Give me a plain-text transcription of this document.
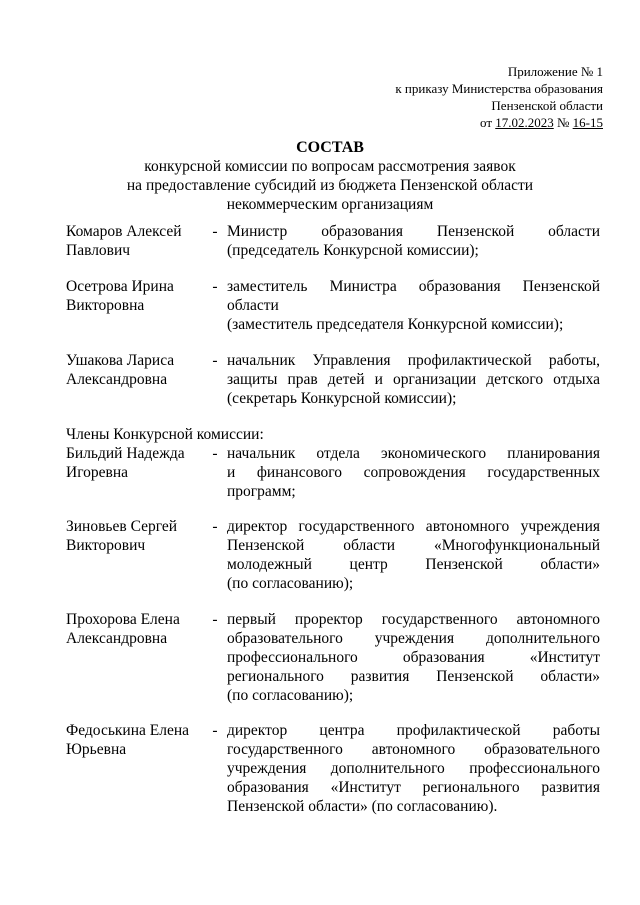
Приложение № 1
к приказу Министерства образования
Пензенской области
от 17.02.2023 № 16-15
СОСТАВ
конкурсной комиссии по вопросам рассмотрения заявок
на предоставление субсидий из бюджета Пензенской области
некоммерческим организациям
Комаров Алексей
Павлович
- Министр образования Пензенской области
(председатель Конкурсной комиссии);
Осетрова Ирина
Викторовна
- заместитель Министра образования Пензенской области
(заместитель председателя Конкурсной комиссии);
Ушакова Лариса
Александровна
- начальник Управления профилактической работы,
защиты прав детей и организации детского отдыха
(секретарь Конкурсной комиссии);
Члены Конкурсной комиссии:
Бильдий Надежда
Игоревна
- начальник отдела экономического планирования
и финансового сопровождения государственных
программ;
Зиновьев Сергей
Викторович
- директор государственного автономного учреждения
Пензенской области «Многофункциональный
молодежный центр Пензенской области»
(по согласованию);
Прохорова Елена
Александровна
- первый проректор государственного автономного
образовательного учреждения дополнительного
профессионального образования «Институт
регионального развития Пензенской области»
(по согласованию);
Федоськина Елена
Юрьевна
- директор центра профилактической работы
государственного автономного образовательного
учреждения дополнительного профессионального
образования «Институт регионального развития
Пензенской области» (по согласованию).
